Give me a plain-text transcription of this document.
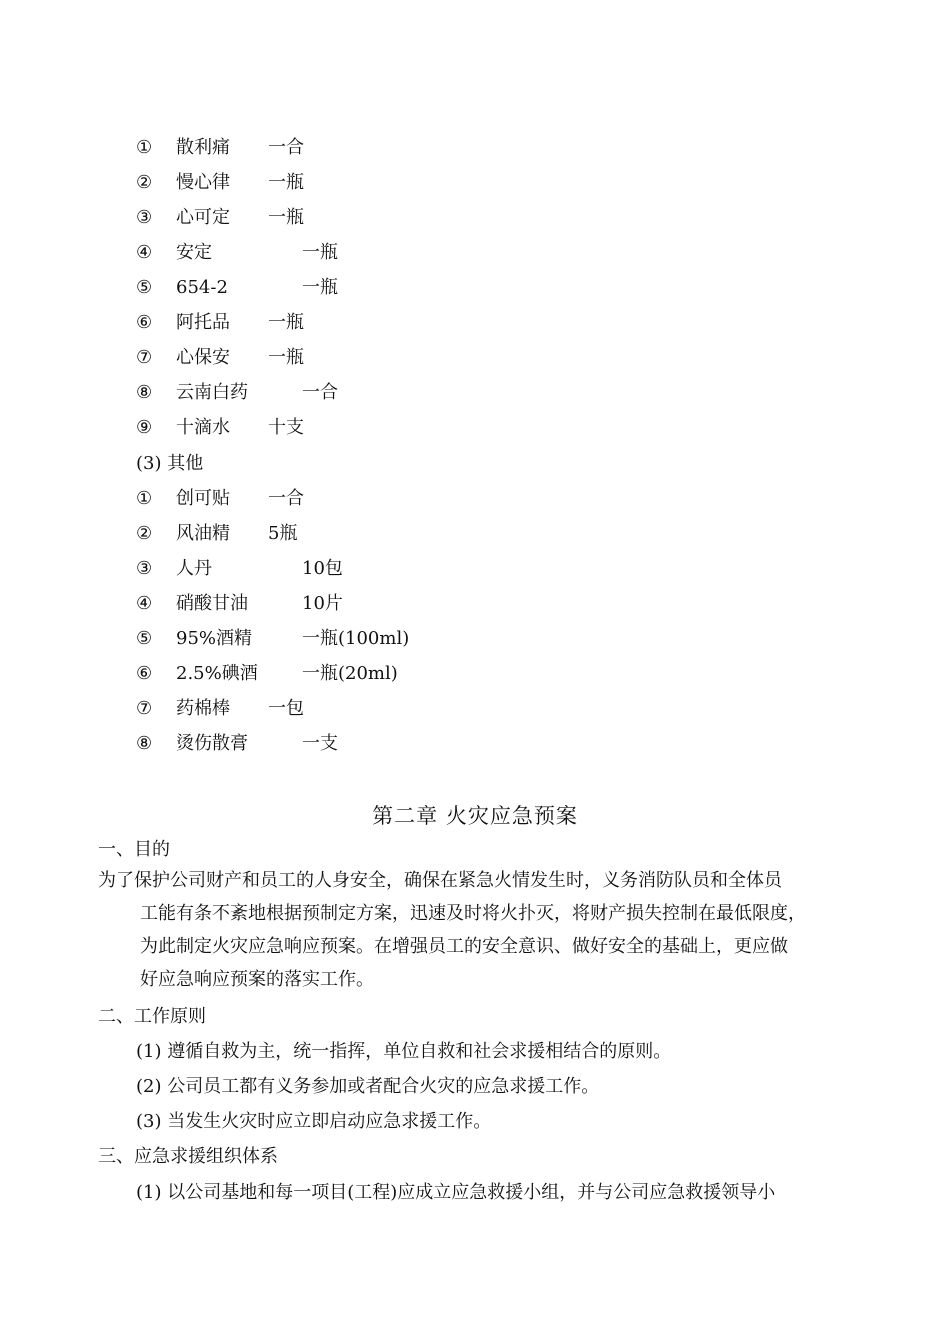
① 散利痛 一合
② 慢心律 一瓶
③ 心可定 一瓶
④ 安定	一瓶
⑤ 654-2	一瓶
⑥ 阿托品 一瓶
⑦ 心保安 一瓶
⑧ 云南白药	一合
⑨ 十滴水 十支
(3) 其他
① 创可贴 一合
② 风油精 5瓶
③ 人丹	10包
④ 硝酸甘油	10片
⑤ 95%酒精	一瓶(100ml)
⑥ 2.5%碘酒 一瓶(20ml)
⑦ 药棉棒 一包
⑧ 烫伤散膏	一支
第二章 火灾应急预案
一、目的
为了保护公司财产和员工的人身安全，确保在紧急火情发生时，义务消防队员和全体员
工能有条不紊地根据预制定方案，迅速及时将火扑灭，将财产损失控制在最低限度，
为此制定火灾应急响应预案。在增强员工的安全意识、做好安全的基础上，更应做
好应急响应预案的落实工作。
二、工作原则
(1) 遵循自救为主，统一指挥，单位自救和社会求援相结合的原则。
(2) 公司员工都有义务参加或者配合火灾的应急求援工作。
(3) 当发生火灾时应立即启动应急求援工作。
三、应急求援组织体系
(1) 以公司基地和每一项目(工程)应成立应急救援小组，并与公司应急救援领导小
